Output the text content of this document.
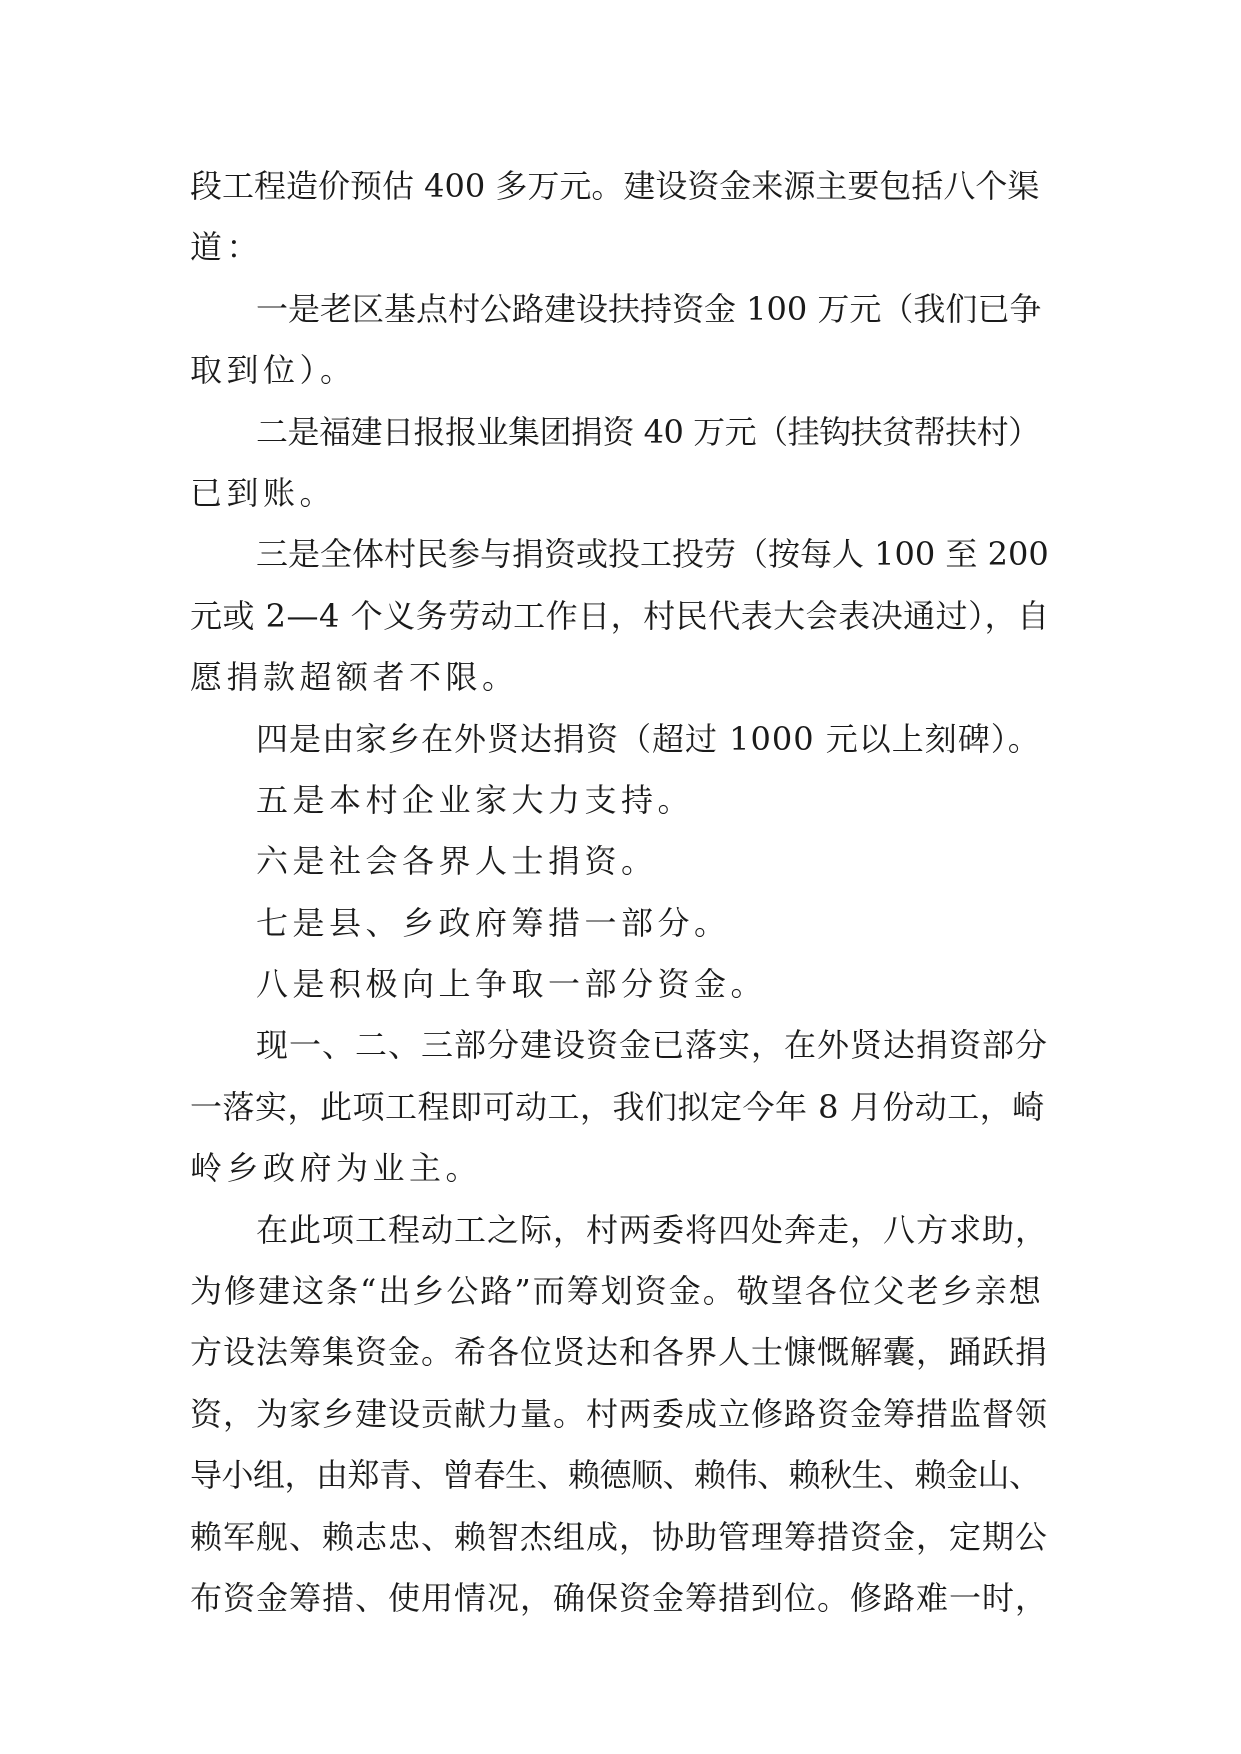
段工程造价预估 400 多万元。建设资金来源主要包括八个渠
道：
一是老区基点村公路建设扶持资金 100 万元（我们已争
取到位）。
二是福建日报报业集团捐资 40 万元（挂钩扶贫帮扶村）
已到账。
三是全体村民参与捐资或投工投劳（按每人 100 至 200
元或 2—4 个义务劳动工作日，村民代表大会表决通过），自
愿捐款超额者不限。
四是由家乡在外贤达捐资（超过 1000 元以上刻碑）。
五是本村企业家大力支持。
六是社会各界人士捐资。
七是县、乡政府筹措一部分。
八是积极向上争取一部分资金。
现一、二、三部分建设资金已落实，在外贤达捐资部分
一落实，此项工程即可动工，我们拟定今年 8 月份动工，崎
岭乡政府为业主。
在此项工程动工之际，村两委将四处奔走，八方求助，
为修建这条“出乡公路”而筹划资金。敬望各位父老乡亲想
方设法筹集资金。希各位贤达和各界人士慷慨解囊，踊跃捐
资，为家乡建设贡献力量。村两委成立修路资金筹措监督领
导小组，由郑青、曾春生、赖德顺、赖伟、赖秋生、赖金山、
赖军舰、赖志忠、赖智杰组成，协助管理筹措资金，定期公
布资金筹措、使用情况，确保资金筹措到位。修路难一时，
